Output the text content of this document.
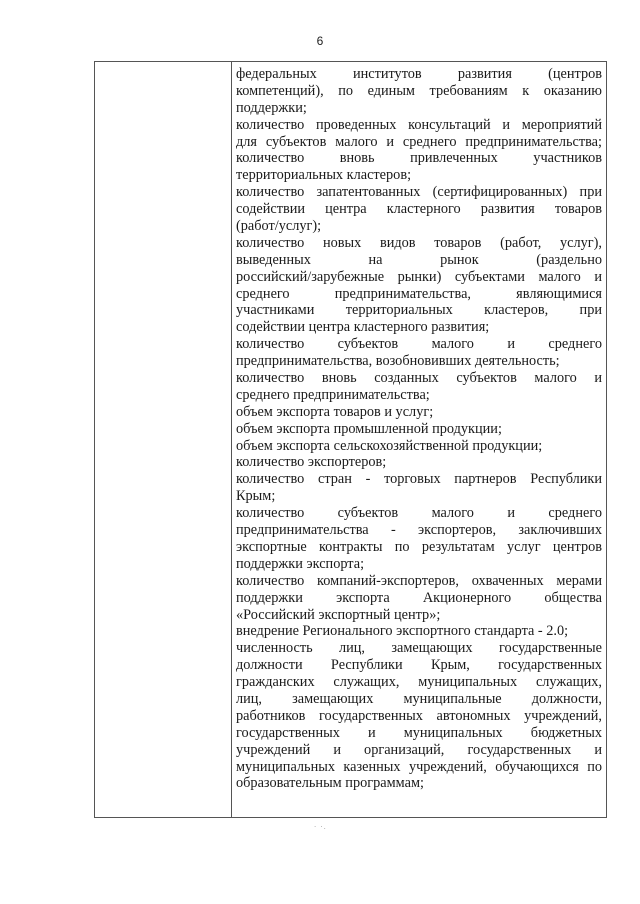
6
федеральных институтов развития (центров
компетенций), по единым требованиям к оказанию
поддержки;
количество проведенных консультаций и мероприятий
для субъектов малого и среднего предпринимательства;
количество вновь привлеченных участников
территориальных кластеров;
количество запатентованных (сертифицированных) при
содействии центра кластерного развития товаров
(работ/услуг);
количество новых видов товаров (работ, услуг),
выведенных на рынок (раздельно
российский/зарубежные рынки) субъектами малого и
среднего предпринимательства, являющимися
участниками территориальных кластеров, при
содействии центра кластерного развития;
количество субъектов малого и среднего
предпринимательства, возобновивших деятельность;
количество вновь созданных субъектов малого и
среднего предпринимательства;
объем экспорта товаров и услуг;
объем экспорта промышленной продукции;
объем экспорта сельскохозяйственной продукции;
количество экспортеров;
количество стран - торговых партнеров Республики
Крым;
количество субъектов малого и среднего
предпринимательства - экспортеров, заключивших
экспортные контракты по результатам услуг центров
поддержки экспорта;
количество компаний-экспортеров, охваченных мерами
поддержки экспорта Акционерного общества
«Российский экспортный центр»;
внедрение Регионального экспортного стандарта - 2.0;
численность лиц, замещающих государственные
должности Республики Крым, государственных
гражданских служащих, муниципальных служащих,
лиц, замещающих муниципальные должности,
работников государственных автономных учреждений,
государственных и муниципальных бюджетных
учреждений и организаций, государственных и
муниципальных казенных учреждений, обучающихся по
образовательным программам;
· ·.
